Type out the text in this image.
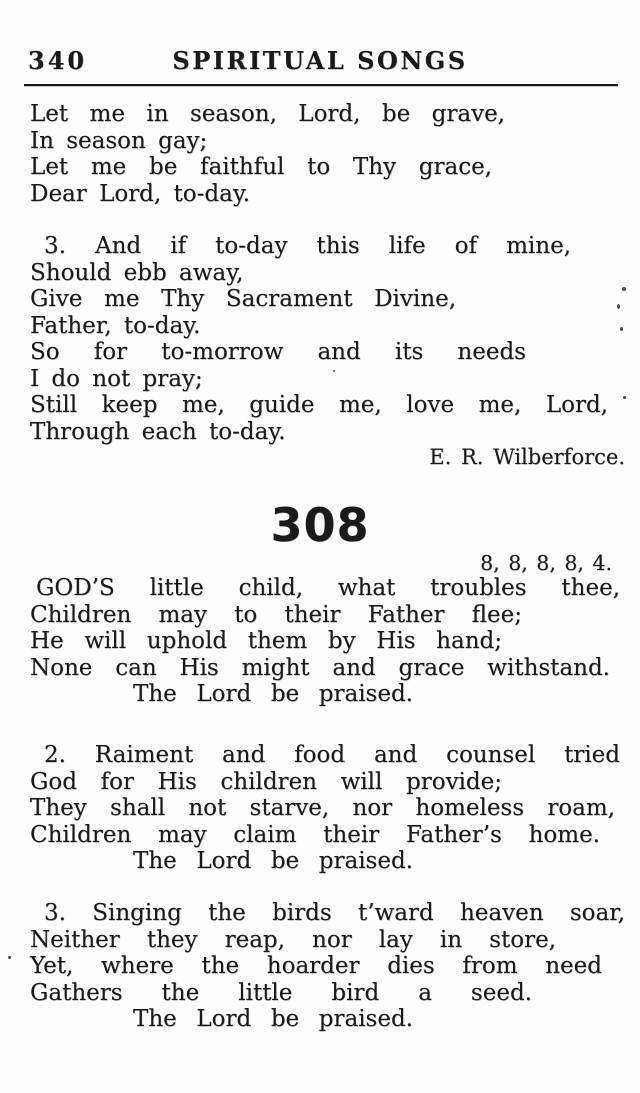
340	SPIRITUAL SONGS
Let me in season, Lord, be grave,
In season gay;
Let me be faithful to Thy grace,
Dear Lord, to-day.
3. And if to-day this life of mine,
Should ebb away,
Give me Thy Sacrament Divine,
Father, to-day.
So for to-morrow and its needs
I do not pray;
Still keep me, guide me, love me, Lord,
Through each to-day.
E. R. Wilberforce.
308
8, 8, 8, 8, 4.
GOD’S little child, what troubles thee,
Children may to their Father flee;
He will uphold them by His hand;
None can His might and grace withstand.
The Lord be praised.
2. Raiment and food and counsel tried
God for His children will provide;
They shall not starve, nor homeless roam,
Children may claim their Father’s home.
The Lord be praised.
3. Singing the birds t’ward heaven soar,
Neither they reap, nor lay in store,
Yet, where the hoarder dies from need
Gathers the little bird a seed.
The Lord be praised.
